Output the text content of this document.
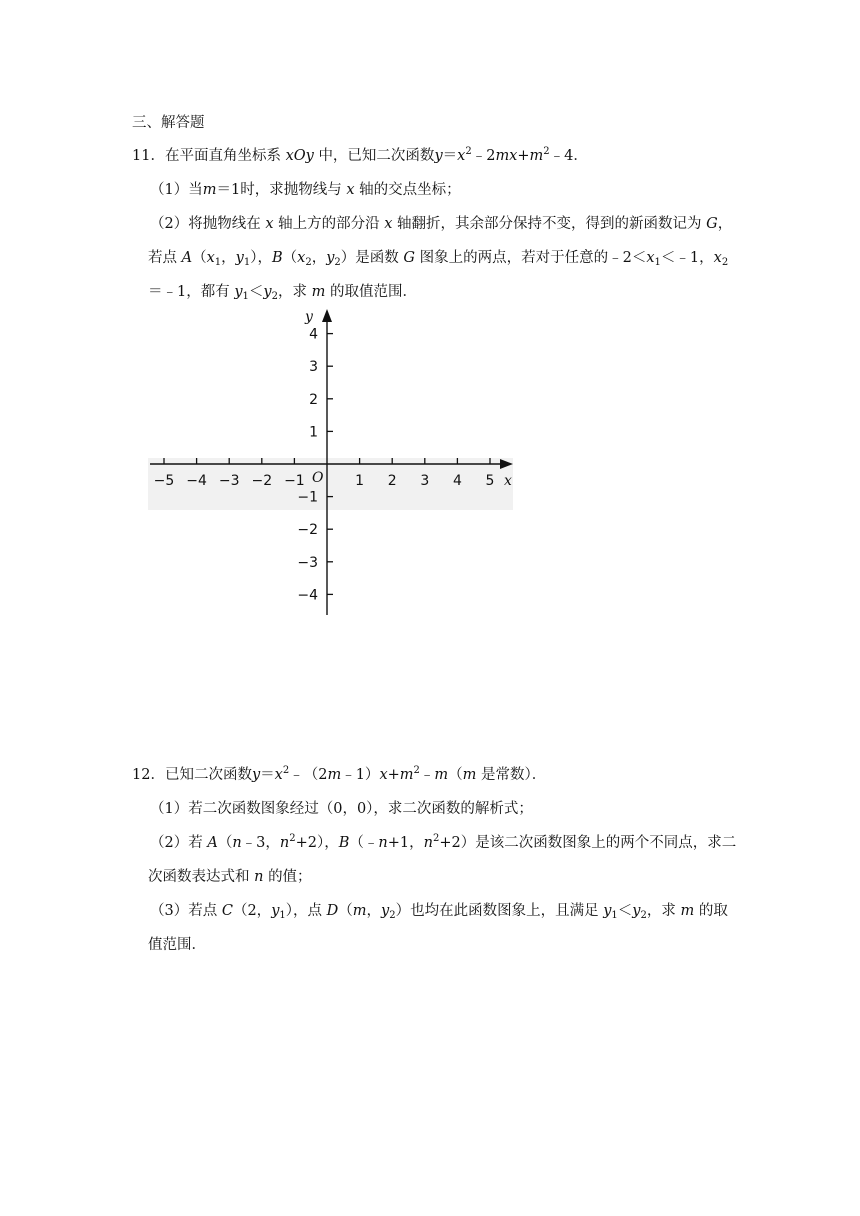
三、解答题
11．在平面直角坐标系 xOy 中，已知二次函数$y=x^2﹣2mx+m^2﹣4$．
（1）当m＝1时，求抛物线与 x 轴的交点坐标；
（2）将抛物线在 x 轴上方的部分沿 x 轴翻折，其余部分保持不变，得到的新函数记为 G，
若点 $A(x_1$，$y_1$），$B(x_2$，$y_2$）是函数 G 图象上的两点，若对于任意的$﹣2<x_1<﹣1$，$x_2$
＝﹣1，都有 $y_1<y_2$，求 m 的取值范围．
−5 −4 −3 −2 −1	1 2 3 4 5
4
3
2
1
−1
−2
−3
−4
x
y
O
12．已知二次函数$y=x^2﹣(2m﹣1)x+m^2﹣m(m$ 是常数）．
（1）若二次函数图象经过（0，0），求二次函数的解析式；
（2）若 A（n﹣3，$n^2+2$），B（﹣n+1，$n^2+2$）是该二次函数图象上的两个不同点，求二
次函数表达式和 n 的值；
（3）若点 C（2，$y_1$），点 D（m，$y_2$）也均在此函数图象上，且满足 $y_1<y_2$，求 m 的取
值范围．
